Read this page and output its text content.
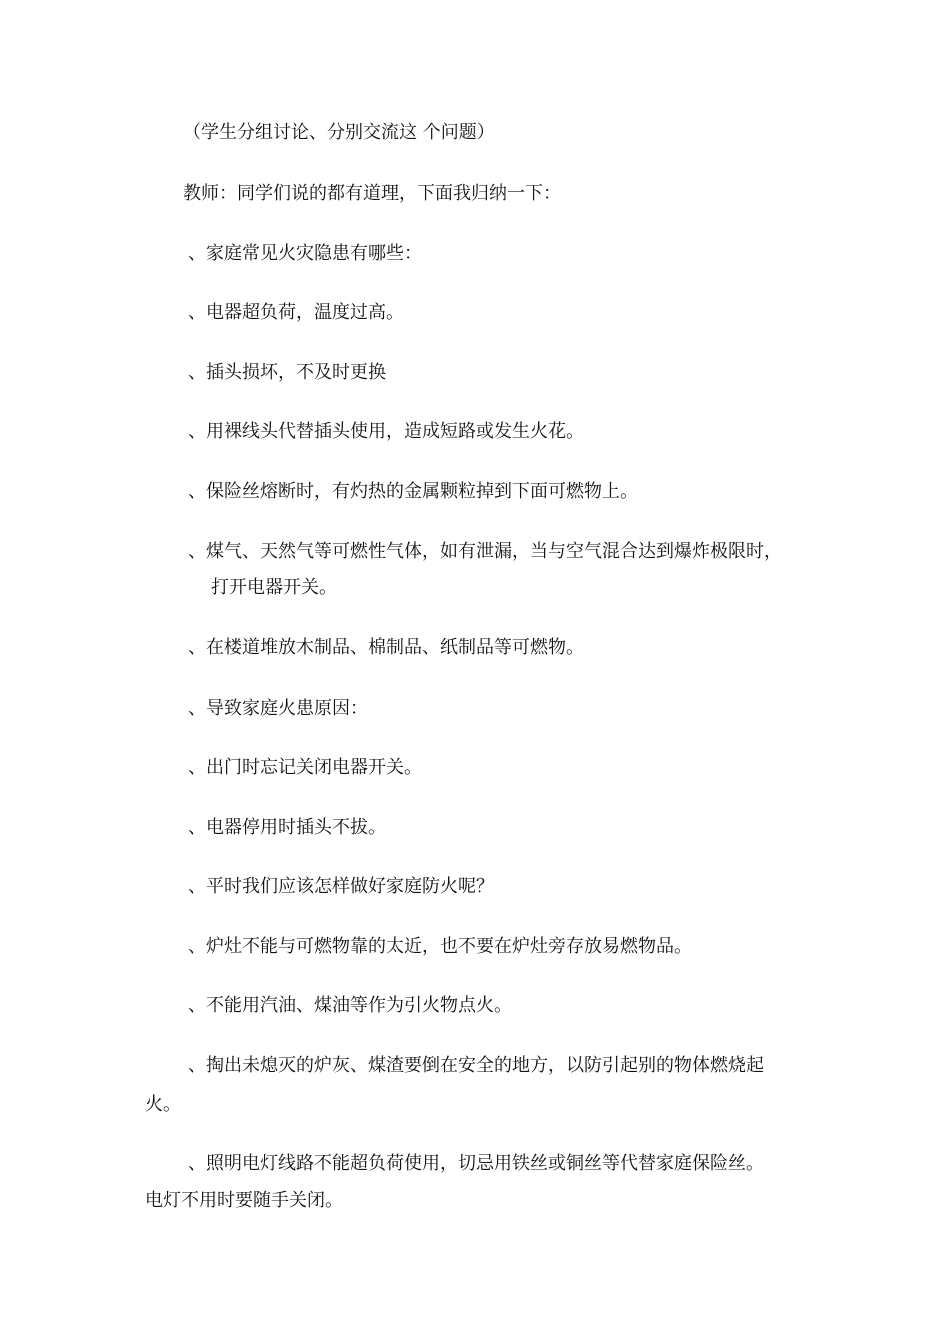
（学生分组讨论、分别交流这 个问题）
教师：同学们说的都有道理，下面我归纳一下：
、家庭常见火灾隐患有哪些：
、电器超负荷，温度过高。
、插头损坏，不及时更换
、用裸线头代替插头使用，造成短路或发生火花。
、保险丝熔断时，有灼热的金属颗粒掉到下面可燃物上。
、煤气、天然气等可燃性气体，如有泄漏，当与空气混合达到爆炸极限时，
打开电器开关。
、在楼道堆放木制品、棉制品、纸制品等可燃物。
、导致家庭火患原因：
、出门时忘记关闭电器开关。
、电器停用时插头不拔。
、平时我们应该怎样做好家庭防火呢？
、炉灶不能与可燃物靠的太近，也不要在炉灶旁存放易燃物品。
、不能用汽油、煤油等作为引火物点火。
、掏出未熄灭的炉灰、煤渣要倒在安全的地方，以防引起别的物体燃烧起
火。
、照明电灯线路不能超负荷使用，切忌用铁丝或铜丝等代替家庭保险丝。
电灯不用时要随手关闭。
